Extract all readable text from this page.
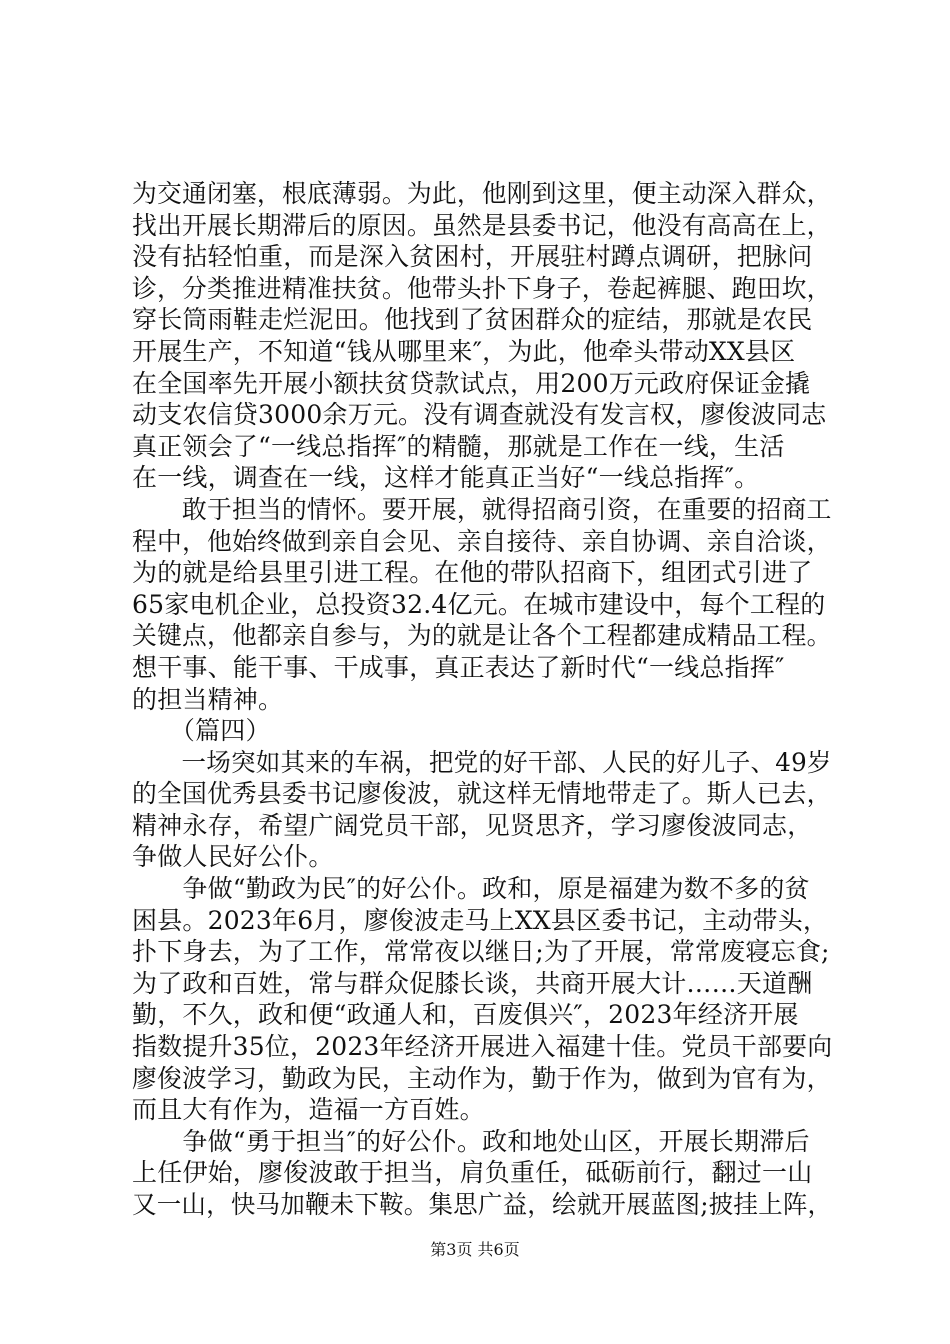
为交通闭塞，根底薄弱。为此，他刚到这里，便主动深入群众，
找出开展长期滞后的原因。虽然是县委书记，他没有高高在上，
没有拈轻怕重，而是深入贫困村，开展驻村蹲点调研，把脉问
诊，分类推进精准扶贫。他带头扑下身子，卷起裤腿、跑田坎，
穿长筒雨鞋走烂泥田。他找到了贫困群众的症结，那就是农民
开展生产，不知道“钱从哪里来″，为此，他牵头带动XX县区
在全国率先开展小额扶贫贷款试点，用200万元政府保证金撬
动支农信贷3000余万元。没有调查就没有发言权，廖俊波同志
真正领会了“一线总指挥″的精髓，那就是工作在一线，生活
在一线，调查在一线，这样才能真正当好“一线总指挥″。
　　敢于担当的情怀。要开展，就得招商引资，在重要的招商工
程中，他始终做到亲自会见、亲自接待、亲自协调、亲自洽谈，
为的就是给县里引进工程。在他的带队招商下，组团式引进了
65家电机企业，总投资32.4亿元。在城市建设中，每个工程的
关键点，他都亲自参与，为的就是让各个工程都建成精品工程。
想干事、能干事、干成事，真正表达了新时代“一线总指挥″
的担当精神。
　　（篇四）
　　一场突如其来的车祸，把党的好干部、人民的好儿子、49岁
的全国优秀县委书记廖俊波，就这样无情地带走了。斯人已去，
精神永存，希望广阔党员干部，见贤思齐，学习廖俊波同志，
争做人民好公仆。
　　争做“勤政为民″的好公仆。政和，原是福建为数不多的贫
困县。2023年6月，廖俊波走马上XX县区委书记，主动带头，
扑下身去，为了工作，常常夜以继日;为了开展，常常废寝忘食;
为了政和百姓，常与群众促膝长谈，共商开展大计……天道酬
勤，不久，政和便“政通人和，百废俱兴″，2023年经济开展
指数提升35位，2023年经济开展进入福建十佳。党员干部要向
廖俊波学习，勤政为民，主动作为，勤于作为，做到为官有为，
而且大有作为，造福一方百姓。
　　争做“勇于担当″的好公仆。政和地处山区，开展长期滞后
上任伊始，廖俊波敢于担当，肩负重任，砥砺前行，翻过一山
又一山，快马加鞭未下鞍。集思广益，绘就开展蓝图;披挂上阵，
第3页 共6页
